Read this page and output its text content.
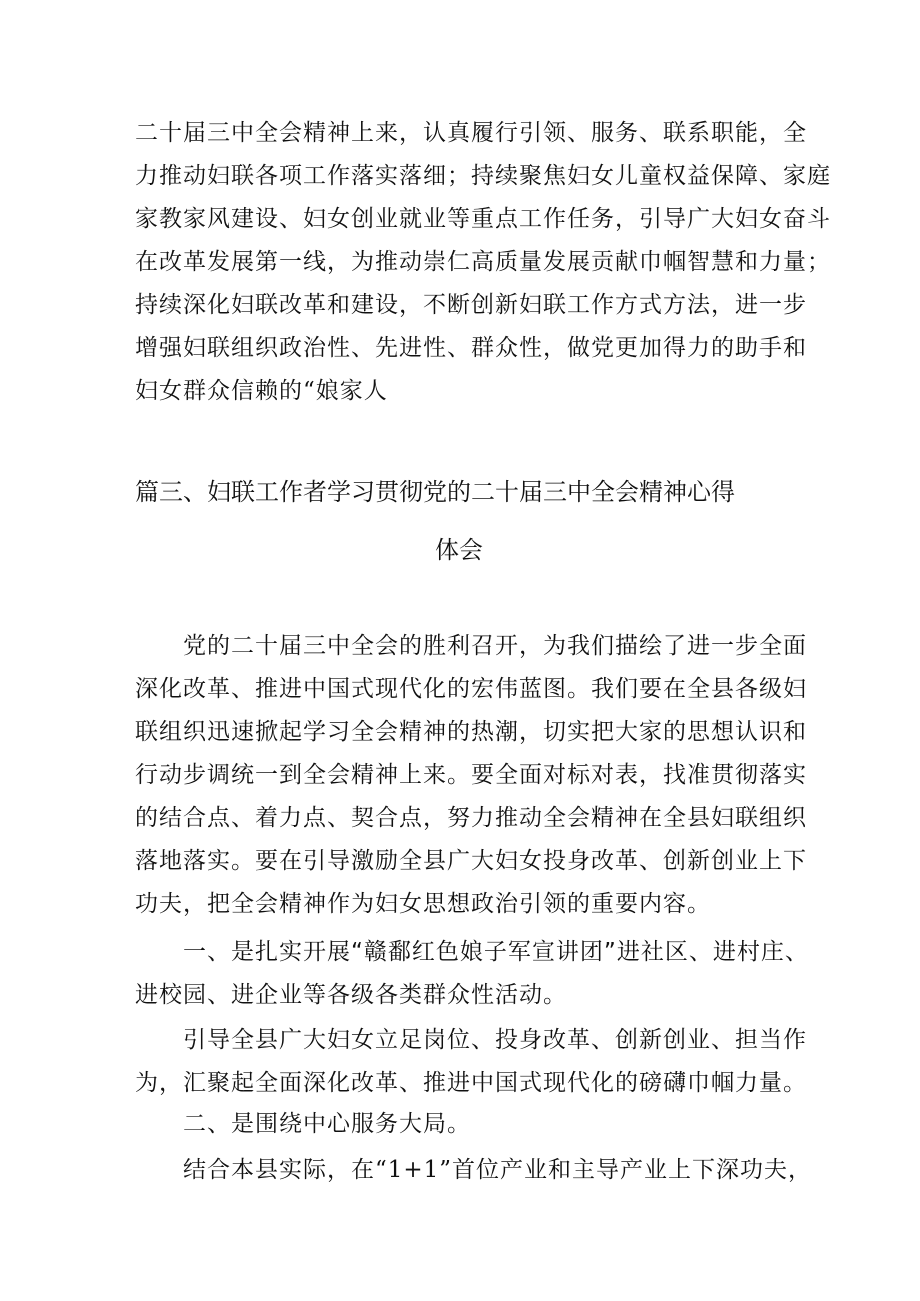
二十届三中全会精神上来，认真履行引领、服务、联系职能，全
力推动妇联各项工作落实落细；持续聚焦妇女儿童权益保障、家庭
家教家风建设、妇女创业就业等重点工作任务，引导广大妇女奋斗
在改革发展第一线，为推动崇仁高质量发展贡献巾帼智慧和力量；
持续深化妇联改革和建设，不断创新妇联工作方式方法，进一步
增强妇联组织政治性、先进性、群众性，做党更加得力的助手和
妇女群众信赖的“娘家人
篇三、妇联工作者学习贯彻党的二十届三中全会精神心得
体会
党的二十届三中全会的胜利召开，为我们描绘了进一步全面
深化改革、推进中国式现代化的宏伟蓝图。我们要在全县各级妇
联组织迅速掀起学习全会精神的热潮，切实把大家的思想认识和
行动步调统一到全会精神上来。要全面对标对表，找准贯彻落实
的结合点、着力点、契合点，努力推动全会精神在全县妇联组织
落地落实。要在引导激励全县广大妇女投身改革、创新创业上下
功夫，把全会精神作为妇女思想政治引领的重要内容。
一、是扎实开展“赣鄱红色娘子军宣讲团”进社区、进村庄、
进校园、进企业等各级各类群众性活动。
引导全县广大妇女立足岗位、投身改革、创新创业、担当作
为，汇聚起全面深化改革、推进中国式现代化的磅礴巾帼力量。
二、是围绕中心服务大局。
结合本县实际，在“1+1”首位产业和主导产业上下深功夫，
